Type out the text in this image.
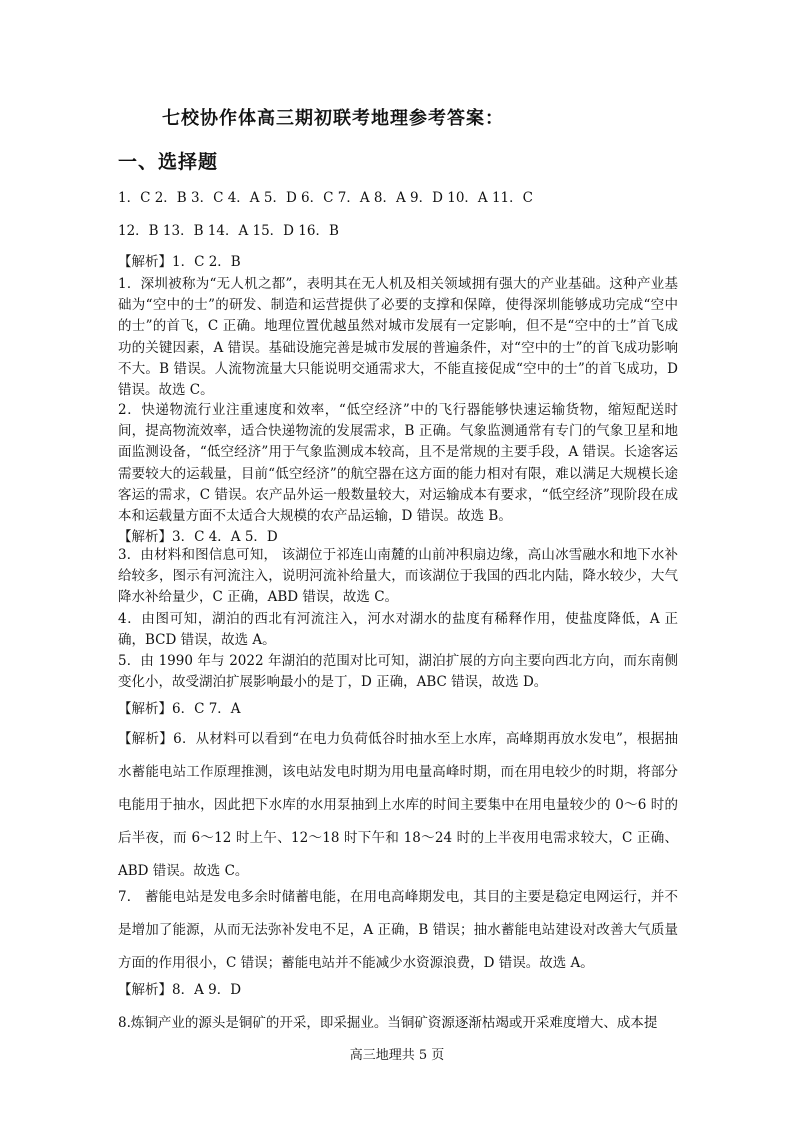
七校协作体高三期初联考地理参考答案：
一、选择题
1．C 2．B 3．C 4．A 5．D 6．C 7．A 8．A 9．D 10．A 11．C
12．B 13．B 14．A 15．D 16．B
【解析】1．C 2．B
1．深圳被称为“无人机之都”，表明其在无人机及相关领域拥有强大的产业基础。这种产业基础为“空中的士”的研发、制造和运营提供了必要的支撑和保障，使得深圳能够成功完成“空中的士”的首飞，C 正确。地理位置优越虽然对城市发展有一定影响，但不是“空中的士”首飞成功的关键因素，A 错误。基础设施完善是城市发展的普遍条件，对“空中的士”的首飞成功影响不大。B 错误。人流物流量大只能说明交通需求大，不能直接促成“空中的士”的首飞成功，D 错误。故选 C。
2．快递物流行业注重速度和效率，“低空经济”中的飞行器能够快速运输货物，缩短配送时间，提高物流效率，适合快递物流的发展需求，B 正确。气象监测通常有专门的气象卫星和地面监测设备，“低空经济”用于气象监测成本较高，且不是常规的主要手段，A 错误。长途客运需要较大的运载量，目前“低空经济”的航空器在这方面的能力相对有限，难以满足大规模长途客运的需求，C 错误。农产品外运一般数量较大，对运输成本有要求，“低空经济”现阶段在成本和运载量方面不太适合大规模的农产品运输，D 错误。故选 B。
【解析】3．C 4．A 5．D
3．由材料和图信息可知， 该湖位于祁连山南麓的山前冲积扇边缘，高山冰雪融水和地下水补给较多，图示有河流注入，说明河流补给量大，而该湖位于我国的西北内陆，降水较少，大气降水补给量少，C 正确，ABD 错误，故选 C。
4．由图可知，湖泊的西北有河流注入，河水对湖水的盐度有稀释作用，使盐度降低，A 正确，BCD 错误，故选 A。
5．由 1990 年与 2022 年湖泊的范围对比可知，湖泊扩展的方向主要向西北方向，而东南侧变化小，故受湖泊扩展影响最小的是丁，D 正确，ABC 错误，故选 D。
【解析】6．C 7．A
【解析】6．从材料可以看到“在电力负荷低谷时抽水至上水库，高峰期再放水发电”，根据抽水蓄能电站工作原理推测，该电站发电时期为用电量高峰时期，而在用电较少的时期，将部分电能用于抽水，因此把下水库的水用泵抽到上水库的时间主要集中在用电量较少的 0～6 时的后半夜，而 6～12 时上午、12～18 时下午和 18～24 时的上半夜用电需求较大，C 正确、ABD 错误。故选 C。
7． 蓄能电站是发电多余时储蓄电能，在用电高峰期发电，其目的主要是稳定电网运行，并不是增加了能源，从而无法弥补发电不足，A 正确，B 错误；抽水蓄能电站建设对改善大气质量方面的作用很小，C 错误；蓄能电站并不能减少水资源浪费，D 错误。故选 A。
【解析】8．A 9．D
8.炼铜产业的源头是铜矿的开采，即采掘业。当铜矿资源逐渐枯竭或开采难度增大、成本提
高三地理共 5 页
